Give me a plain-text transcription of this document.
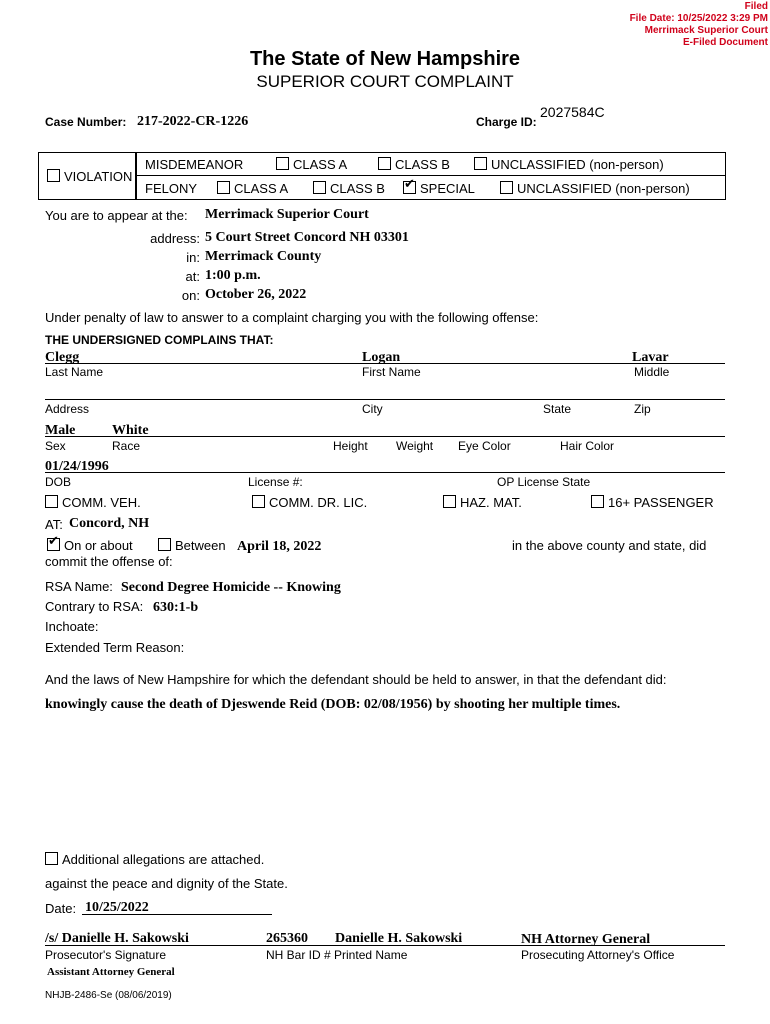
Filed
File Date: 10/25/2022 3:29 PM
Merrimack Superior Court
E-Filed Document
The State of New Hampshire
SUPERIOR COURT COMPLAINT
Case Number: 217-2022-CR-1226	Charge ID:
2027584C
VIOLATION
MISDEMEANOR	CLASS A	CLASS B	UNCLASSIFIED (non-person)
FELONY	CLASS A	CLASS B
✔	SPECIAL	UNCLASSIFIED (non-person)
You are to appear at the: Merrimack Superior Court
address: 5 Court Street Concord NH 03301
in: Merrimack County
at: 1:00 p.m.
on: October 26, 2022
Under penalty of law to answer to a complaint charging you with the following offense:
THE UNDERSIGNED COMPLAINS THAT:
Clegg	Logan	Lavar
Last Name	First Name	Middle
Address	City	State	Zip
Male	White
Sex	Race	Height Weight Eye Color	Hair Color
01/24/1996
DOB	License #:	OP License State
COMM. VEH.	COMM. DR. LIC.	HAZ. MAT.	16+ PASSENGER
AT: Concord, NH
✔On or about	Between April 18, 2022	in the above county and state, did
commit the offense of:
RSA Name: Second Degree Homicide -- Knowing
Contrary to RSA: 630:1-b
Inchoate:
Extended Term Reason:
And the laws of New Hampshire for which the defendant should be held to answer, in that the defendant did:
knowingly cause the death of Djeswende Reid (DOB: 02/08/1956) by shooting her multiple times.
Additional allegations are attached.
against the peace and dignity of the State.
Date: 10/25/2022
/s/ Danielle H. Sakowski	265360 Danielle H. Sakowski	NH Attorney General
Prosecutor's Signature	NH Bar ID # Printed Name	Prosecuting Attorney's Office
Assistant Attorney General
NHJB-2486-Se (08/06/2019)
